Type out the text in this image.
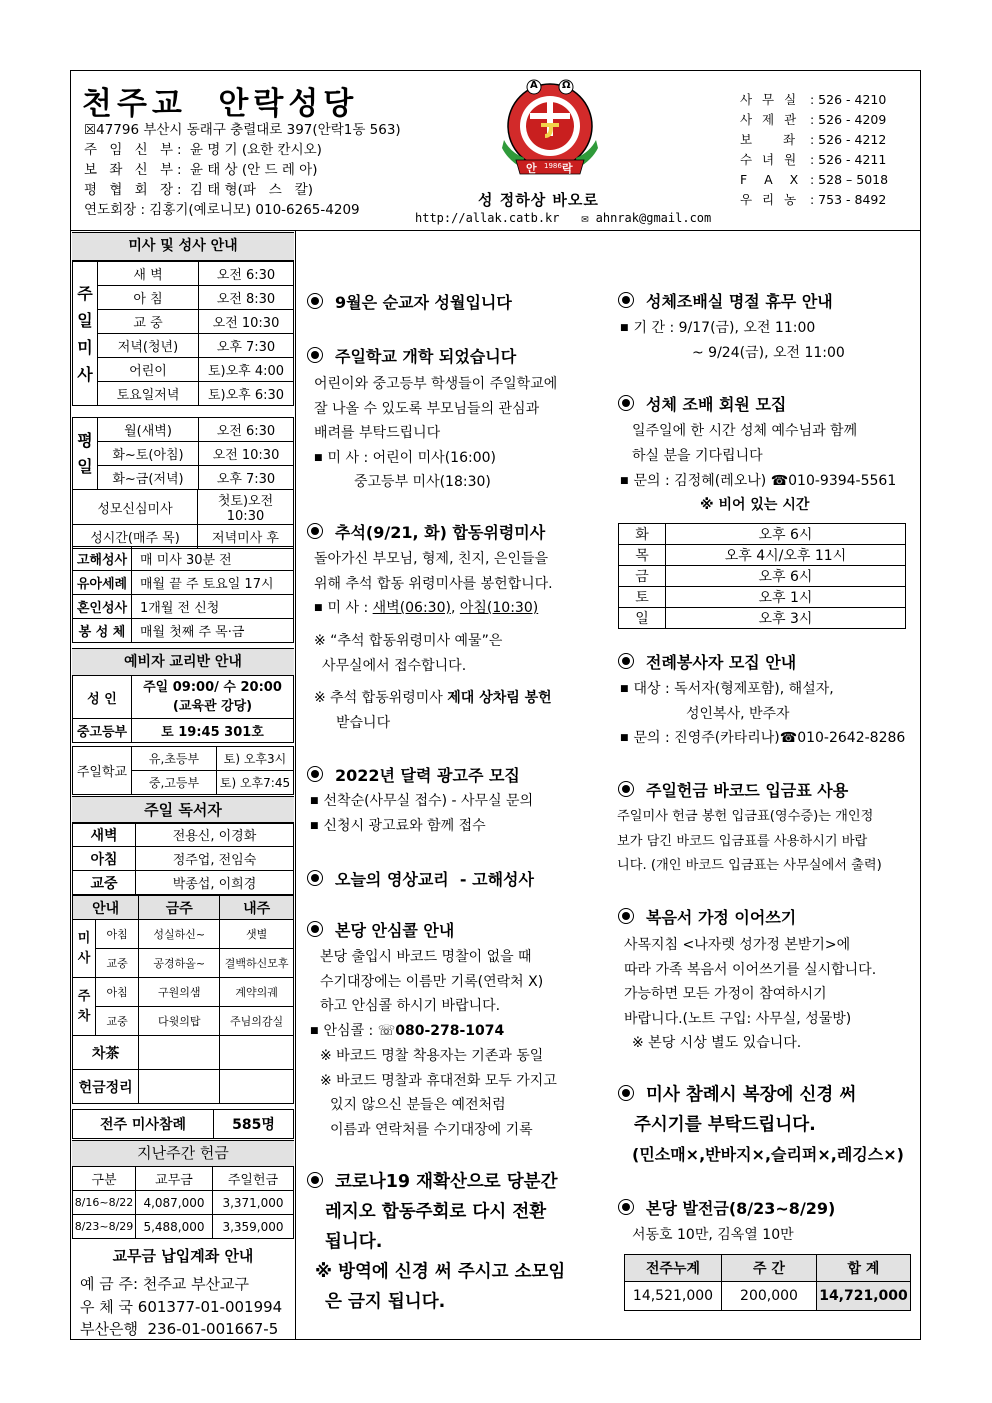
천주교  안락성당
☒47796 부산시 동래구 충렬대로 397(안락1동 563)
주 임 신 부: 윤 명 기 (요한 칸시오)
보 좌 신 부: 윤 태 상 (안 드 레 아)
평 협 회 장: 김 태 형(파   스   칼)
연도회장 : 김홍기(예로니모) 010-6265-4209
A Ω
안 1986 락
성 정하상 바오로
http://allak.catb.kr ✉ ahnrak@gmail.com
사 무 실 : 526 - 4210
사 제 관 : 526 - 4209
보    좌 : 526 - 4212
수 녀 원 : 526 - 4211
F  A  X : 528 – 5018
우 리 농 : 753 - 8492
미사 및 성사 안내
주일미사	새 벽	오전 6:30
	아 침	오전 8:30
	교 중	오전 10:30
	저녁(청년)	오후 7:30
	어린이	토)오후 4:00
	토요일저녁	토)오후 6:30
평일	월(새벽)	오전 6:30
	화~토(아침)	오전 10:30
	화~금(저녁)	오후 7:30
성모신심미사	첫토)오전 10:30
성시간(매주 목)	저녁미사 후
고해성사	매 미사 30분 전
유아세례	매월 끝 주 토요일 17시
혼인성사	1개월 전 신청
봉 성 체	매월 첫째 주 목·금
예비자 교리반 안내
성 인	주일 09:00/ 수 20:00
(교육관 강당)

중고등부	토 19:45 301호
주일학교	유,초등부	토) 오후3시
	중,고등부	토) 오후7:45
주일 독서자
새벽	전용신, 이경화
아침	정주업, 전임숙
교중	박종섭, 이희경
안내		금주	내주

미사	아침	성실하신~	샛별
	교중	공경하올~	결백하신모후

주차	아침	구원의샘	계약의궤
	교중	다윗의탑	주님의감실
차茶			
헌금정리			
전주 미사참례	585명
지난주간 헌금
구분	교무금	주일헌금
8/16~8/22	4,087,000	3,371,000
8/23~8/29	5,488,000	3,359,000
교무금 납입계좌 안내
예 금 주: 천주교 부산교구
우 체 국 601377-01-001994
부산은행  236-01-001667-5
9월은 순교자 성월입니다
주일학교 개학 되었습니다
어린이와 중고등부 학생들이 주일학교에
잘 나올 수 있도록 부모님들의 관심과
배려를 부탁드립니다
■ 미 사 : 어린이 미사(16:00)
중고등부 미사(18:30)
추석(9/21, 화) 합동위령미사
돌아가신 부모님, 형제, 친지, 은인들을
위해 추석 합동 위령미사를 봉헌합니다.
■ 미 사 : 새벽(06:30), 아침(10:30)
※ “추석 합동위령미사 예물”은
사무실에서 접수합니다.
※ 추석 합동위령미사 제대 상차림 봉헌
받습니다
2022년 달력 광고주 모집
■ 선착순(사무실 접수) - 사무실 문의
■ 신청시 광고료와 함께 접수
오늘의 영상교리  - 고해성사
본당 안심콜 안내
본당 출입시 바코드 명찰이 없을 때
수기대장에는 이름만 기록(연락처 X)
하고 안심콜 하시기 바랍니다.
■ 안심콜 : ☏080-278-1074
※ 바코드 명찰 착용자는 기존과 동일
※ 바코드 명찰과 휴대전화 모두 가지고
있지 않으신 분들은 예전처럼
이름과 연락처를 수기대장에 기록
코로나19 재확산으로 당분간
레지오 합동주회로 다시 전환
됩니다.
※ 방역에 신경 써 주시고 소모임
은 금지 됩니다.
성체조배실 명절 휴무 안내
■ 기 간 : 9/17(금), 오전 11:00
~ 9/24(금), 오전 11:00
성체 조배 회원 모집
일주일에 한 시간 성체 예수님과 함께
하실 분을 기다립니다
■ 문의 : 김정혜(레오나) ☎010-9394-5561
※ 비어 있는 시간
화	오후 6시
목	오후 4시/오후 11시
금	오후 6시
토	오후 1시
일	오후 3시
전례봉사자 모집 안내
■ 대상 : 독서자(형제포함), 해설자,
성인복사, 반주자
■ 문의 : 진영주(카타리나)☎010-2642-8286
주일헌금 바코드 입금표 사용
주일미사 헌금 봉헌 입금표(영수증)는 개인정
보가 담긴 바코드 입금표를 사용하시기 바랍
니다. (개인 바코드 입금표는 사무실에서 출력)
복음서 가정 이어쓰기
사목지침 <나자렛 성가정 본받기>에
따라 가족 복음서 이어쓰기를 실시합니다.
가능하면 모든 가정이 참여하시기
바랍니다.(노트 구입: 사무실, 성물방)
※ 본당 시상 별도 있습니다.
미사 참례시 복장에 신경 써
주시기를 부탁드립니다.
(민소매×,반바지×,슬리퍼×,레깅스×)
본당 발전금(8/23~8/29)
서동호 10만, 김옥열 10만
전주누계	주 간	합 계
14,521,000	200,000	14,721,000
